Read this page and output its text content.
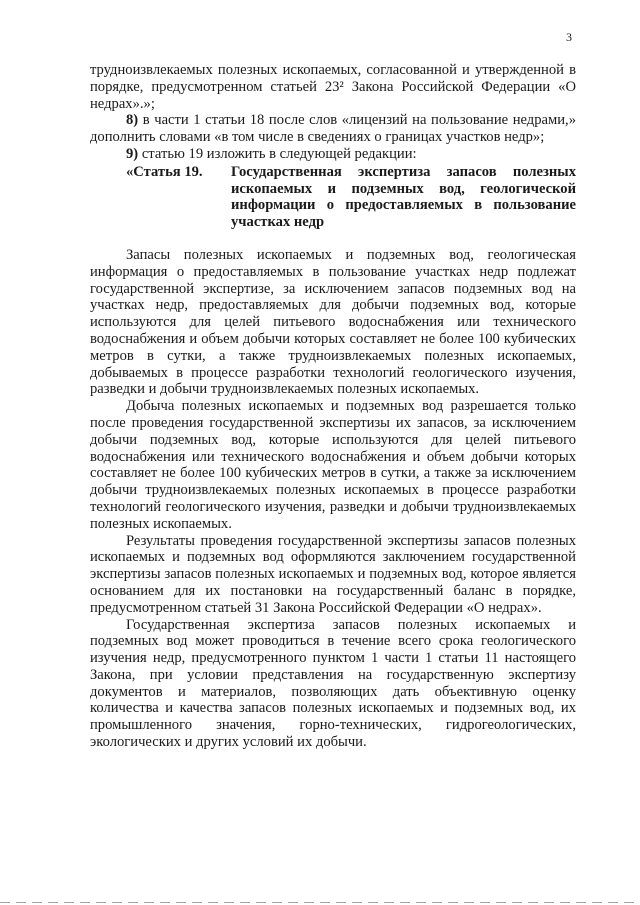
3

трудноизвлекаемых полезных ископаемых, согласованной и утвержденной в порядке, предусмотренном статьей 23² Закона Российской Федерации «О недрах».»;

8) в части 1 статьи 18 после слов «лицензий на пользование недрами,» дополнить словами «в том числе в сведениях о границах участков недр»;

9) статью 19 изложить в следующей редакции:

«Статья 19.	Государственная экспертиза запасов полезных ископаемых и подземных вод, геологической информации о предоставляемых в пользование участках недр

Запасы полезных ископаемых и подземных вод, геологическая информация о предоставляемых в пользование участках недр подлежат государственной экспертизе, за исключением запасов подземных вод на участках недр, предоставляемых для добычи подземных вод, которые используются для целей питьевого водоснабжения или технического водоснабжения и объем добычи которых составляет не более 100 кубических метров в сутки, а также трудноизвлекаемых полезных ископаемых, добываемых в процессе разработки технологий геологического изучения, разведки и добычи трудноизвлекаемых полезных ископаемых.

Добыча полезных ископаемых и подземных вод разрешается только после проведения государственной экспертизы их запасов, за исключением добычи подземных вод, которые используются для целей питьевого водоснабжения или технического водоснабжения и объем добычи которых составляет не более 100 кубических метров в сутки, а также за исключением добычи трудноизвлекаемых полезных ископаемых в процессе разработки технологий геологического изучения, разведки и добычи трудноизвлекаемых полезных ископаемых.

Результаты проведения государственной экспертизы запасов полезных ископаемых и подземных вод оформляются заключением государственной экспертизы запасов полезных ископаемых и подземных вод, которое является основанием для их постановки на государственный баланс в порядке, предусмотренном статьей 31 Закона Российской Федерации «О недрах».

Государственная экспертиза запасов полезных ископаемых и подземных вод может проводиться в течение всего срока геологического изучения недр, предусмотренного пунктом 1 части 1 статьи 11 настоящего Закона, при условии представления на государственную экспертизу документов и материалов, позволяющих дать объективную оценку количества и качества запасов полезных ископаемых и подземных вод, их промышленного значения, горно-технических, гидрогеологических, экологических и других условий их добычи.
